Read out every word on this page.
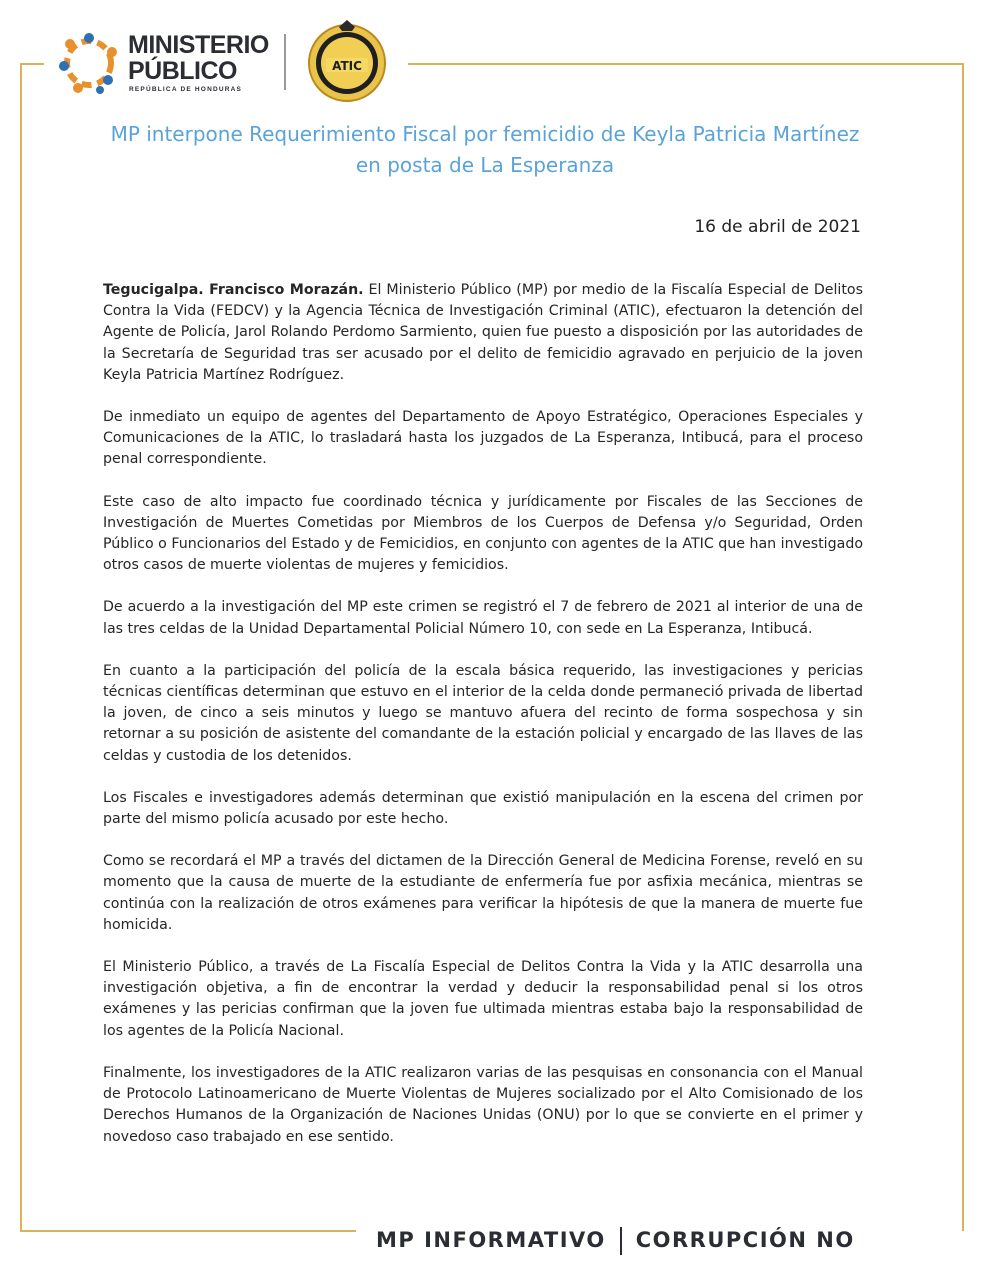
MINISTERIO
PÚBLICO
REPÚBLICA DE HONDURAS
ATIC
MP interpone Requerimiento Fiscal por femicidio de Keyla Patricia Martínez en posta de La Esperanza
16 de abril de 2021

Tegucigalpa. Francisco Morazán. El Ministerio Público (MP) por medio de la Fiscalía Especial de Delitos Contra la Vida (FEDCV) y la Agencia Técnica de Investigación Criminal (ATIC), efectuaron la detención del Agente de Policía, Jarol Rolando Perdomo Sarmiento, quien fue puesto a disposición por las autoridades de la Secretaría de Seguridad tras ser acusado por el delito de femicidio agravado en perjuicio de la joven Keyla Patricia Martínez Rodríguez.

De inmediato un equipo de agentes del Departamento de Apoyo Estratégico, Operaciones Especiales y Comunicaciones de la ATIC, lo trasladará hasta los juzgados de La Esperanza, Intibucá, para el proceso penal correspondiente.

Este caso de alto impacto fue coordinado técnica y jurídicamente por Fiscales de las Secciones de Investigación de Muertes Cometidas por Miembros de los Cuerpos de Defensa y/o Seguridad, Orden Público o Funcionarios del Estado y de Femicidios, en conjunto con agentes de la ATIC que han investigado otros casos de muerte violentas de mujeres y femicidios.

De acuerdo a la investigación del MP este crimen se registró el 7 de febrero de 2021 al interior de una de las tres celdas de la Unidad Departamental Policial Número 10, con sede en La Esperanza, Intibucá.

En cuanto a la participación del policía de la escala básica requerido, las investigaciones y pericias técnicas científicas determinan que estuvo en el interior de la celda donde permaneció privada de libertad la joven, de cinco a seis minutos y luego se mantuvo afuera del recinto de forma sospechosa y sin retornar a su posición de asistente del comandante de la estación policial y encargado de las llaves de las celdas y custodia de los detenidos.

Los Fiscales e investigadores además determinan que existió manipulación en la escena del crimen por parte del mismo policía acusado por este hecho.

Como se recordará el MP a través del dictamen de la Dirección General de Medicina Forense, reveló en su momento que la causa de muerte de la estudiante de enfermería fue por asfixia mecánica, mientras se continúa con la realización de otros exámenes para verificar la hipótesis de que la manera de muerte fue homicida.

El Ministerio Público, a través de La Fiscalía Especial de Delitos Contra la Vida y la ATIC desarrolla una investigación objetiva, a fin de encontrar la verdad y deducir la responsabilidad penal si los otros exámenes y las pericias confirman que la joven fue ultimada mientras estaba bajo la responsabilidad de los agentes de la Policía Nacional.

Finalmente, los investigadores de la ATIC realizaron varias de las pesquisas en consonancia con el Manual de Protocolo Latinoamericano de Muerte Violentas de Mujeres socializado por el Alto Comisionado de los Derechos Humanos de la Organización de Naciones Unidas (ONU) por lo que se convierte en el primer y novedoso caso trabajado en ese sentido.

MP INFORMATIVO CORRUPCIÓN NO
